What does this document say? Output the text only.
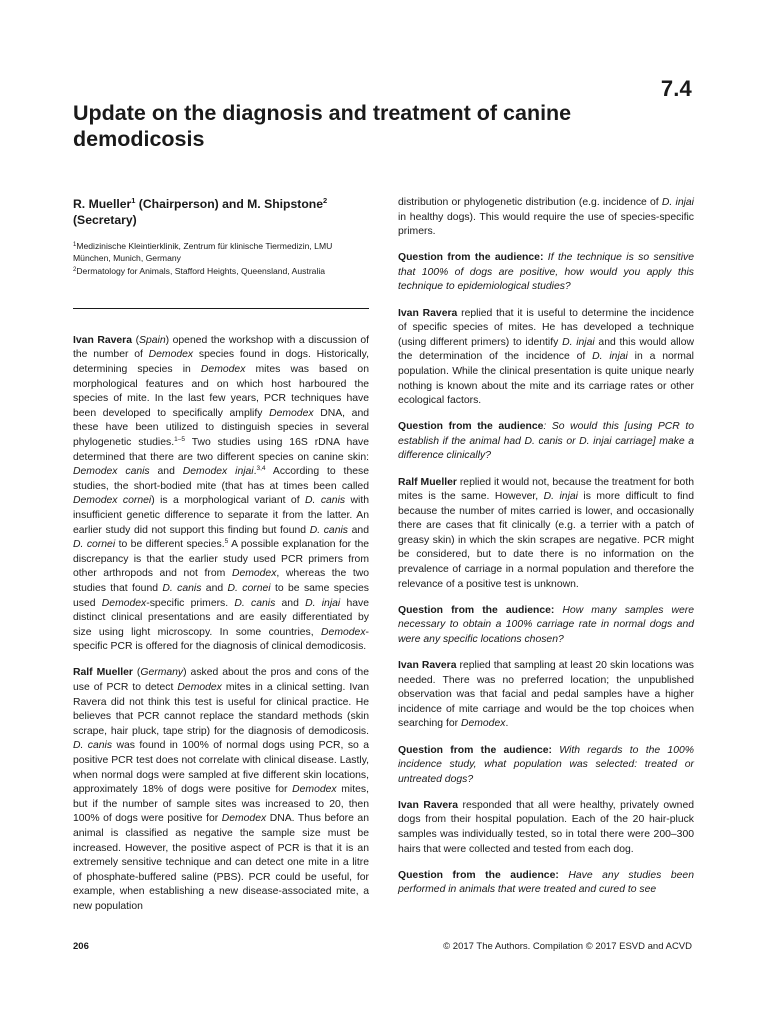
7.4
Update on the diagnosis and treatment of canine demodicosis

R. Mueller$^1$ (Chairperson) and M. Shipstone$^2$ (Secretary)

$^1$Medizinische Kleintierklinik, Zentrum für klinische Tiermedizin, LMU München, Munich, Germany

$^2$Dermatology for Animals, Stafford Heights, Queensland, Australia

Ivan Ravera (Spain) opened the workshop with a discussion of the number of Demodex species found in dogs. Historically, determining species in Demodex mites was based on morphological features and on which host harboured the species of mite. In the last few years, PCR techniques have been developed to specifically amplify Demodex DNA, and these have been utilized to distinguish species in several phylogenetic studies.$^{1-5}$ Two studies using 16S rDNA have determined that there are two different species on canine skin: Demodex canis and Demodex injai.$^{3,4}$ According to these studies, the short-bodied mite (that has at times been called Demodex cornei) is a morphological variant of D. canis with insufficient genetic difference to separate it from the latter. An earlier study did not support this finding but found D. canis and D. cornei to be different species.$^5$ A possible explanation for the discrepancy is that the earlier study used PCR primers from other arthropods and not from Demodex, whereas the two studies that found D. canis and D. cornei to be same species used Demodex-specific primers. D. canis and D. injai have distinct clinical presentations and are easily differentiated by size using light microscopy. In some countries, Demodex-specific PCR is offered for the diagnosis of clinical demodicosis.

Ralf Mueller (Germany) asked about the pros and cons of the use of PCR to detect Demodex mites in a clinical setting. Ivan Ravera did not think this test is useful for clinical practice. He believes that PCR cannot replace the standard methods (skin scrape, hair pluck, tape strip) for the diagnosis of demodicosis. D. canis was found in 100% of normal dogs using PCR, so a positive PCR test does not correlate with clinical disease. Lastly, when normal dogs were sampled at five different skin locations, approximately 18% of dogs were positive for Demodex mites, but if the number of sample sites was increased to 20, then 100% of dogs were positive for Demodex DNA. Thus before an animal is classified as negative the sample size must be increased. However, the positive aspect of PCR is that it is an extremely sensitive technique and can detect one mite in a litre of phosphate-buffered saline (PBS). PCR could be useful, for example, when establishing a new disease-associated mite, a new population

distribution or phylogenetic distribution (e.g. incidence of D. injai in healthy dogs). This would require the use of species-specific primers.

Question from the audience: If the technique is so sensitive that 100% of dogs are positive, how would you apply this technique to epidemiological studies?

Ivan Ravera replied that it is useful to determine the incidence of specific species of mites. He has developed a technique (using different primers) to identify D. injai and this would allow the determination of the incidence of D. injai in a normal population. While the clinical presentation is quite unique nearly nothing is known about the mite and its carriage rates or other ecological factors.

Question from the audience: So would this [using PCR to establish if the animal had D. canis or D. injai carriage] make a difference clinically?

Ralf Mueller replied it would not, because the treatment for both mites is the same. However, D. injai is more difficult to find because the number of mites carried is lower, and occasionally there are cases that fit clinically (e.g. a terrier with a patch of greasy skin) in which the skin scrapes are negative. PCR might be considered, but to date there is no information on the prevalence of carriage in a normal population and therefore the relevance of a positive test is unknown.

Question from the audience: How many samples were necessary to obtain a 100% carriage rate in normal dogs and were any specific locations chosen?

Ivan Ravera replied that sampling at least 20 skin locations was needed. There was no preferred location; the unpublished observation was that facial and pedal samples have a higher incidence of mite carriage and would be the top choices when searching for Demodex.

Question from the audience: With regards to the 100% incidence study, what population was selected: treated or untreated dogs?

Ivan Ravera responded that all were healthy, privately owned dogs from their hospital population. Each of the 20 hair-pluck samples was individually tested, so in total there were 200–300 hairs that were collected and tested from each dog.

Question from the audience: Have any studies been performed in animals that were treated and cured to see

206	© 2017 The Authors. Compilation © 2017 ESVD and ACVD
